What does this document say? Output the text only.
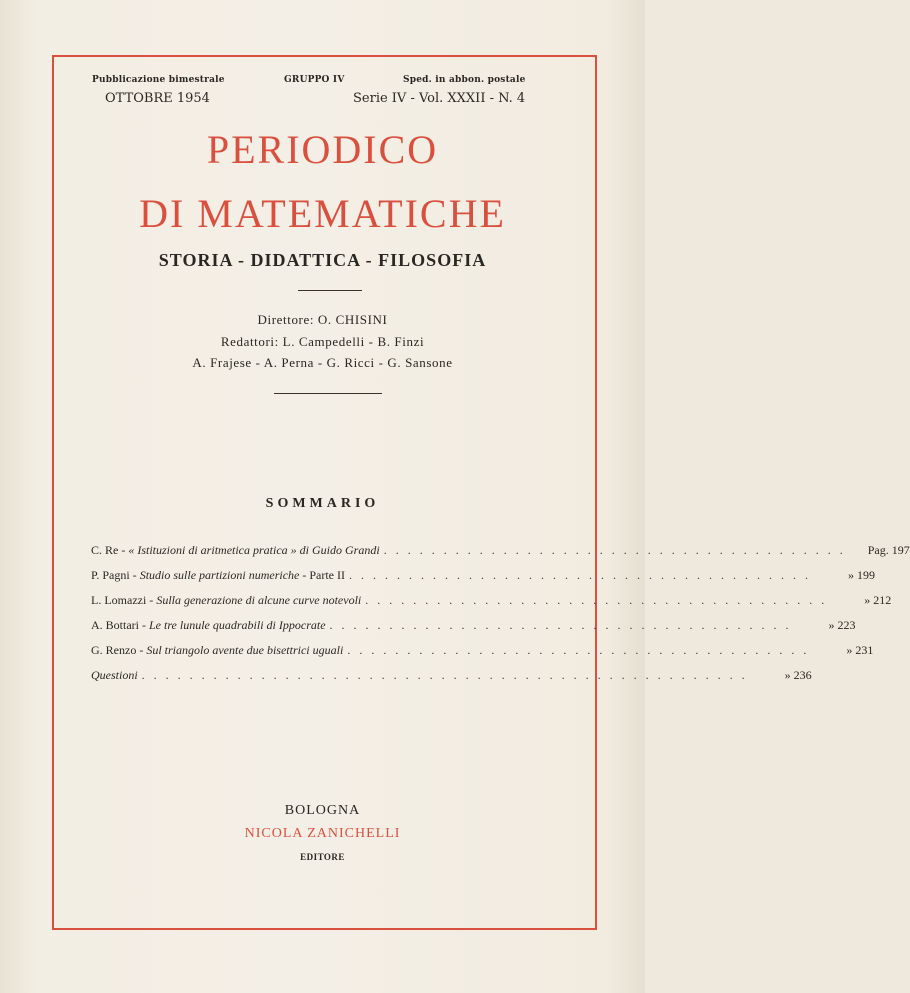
Pubblicazione bimestrale	GRUPPO IV	Sped. in abbon. postale
OTTOBRE 1954	Serie IV - Vol. XXXII - N. 4
PERIODICO
DI MATEMATICHE
STORIA - DIDATTICA - FILOSOFIA
Direttore: O. CHISINI
Redattori: L. Campedelli - B. Finzi
A. Frajese - A. Perna - G. Ricci - G. Sansone
SOMMARIO
C. Re - « Istituzioni di aritmetica pratica » di Guido Grandi . . . . . . . . . . . . . . . . . . . . . . . . . . . . . . . . . . . . . . .	Pag. 197
P. Pagni - Studio sulle partizioni numeriche - Parte II . . . . . . . . . . . . . . . . . . . . . . . . . . . . . . . . . . . . . . .	» 199
L. Lomazzi - Sulla generazione di alcune curve notevoli . . . . . . . . . . . . . . . . . . . . . . . . . . . . . . . . . . . . . . .	» 212
A. Bottari - Le tre lunule quadrabili di Ippocrate . . . . . . . . . . . . . . . . . . . . . . . . . . . . . . . . . . . . . . .	» 223
G. Renzo - Sul triangolo avente due bisettrici uguali . . . . . . . . . . . . . . . . . . . . . . . . . . . . . . . . . . . . . . .	» 231
Questioni . . . . . . . . . . . . . . . . . . . . . . . . . . . . . . . . . . . . . . . . . . . . . . . . . . .	» 236
BOLOGNA
NICOLA ZANICHELLI
EDITORE
